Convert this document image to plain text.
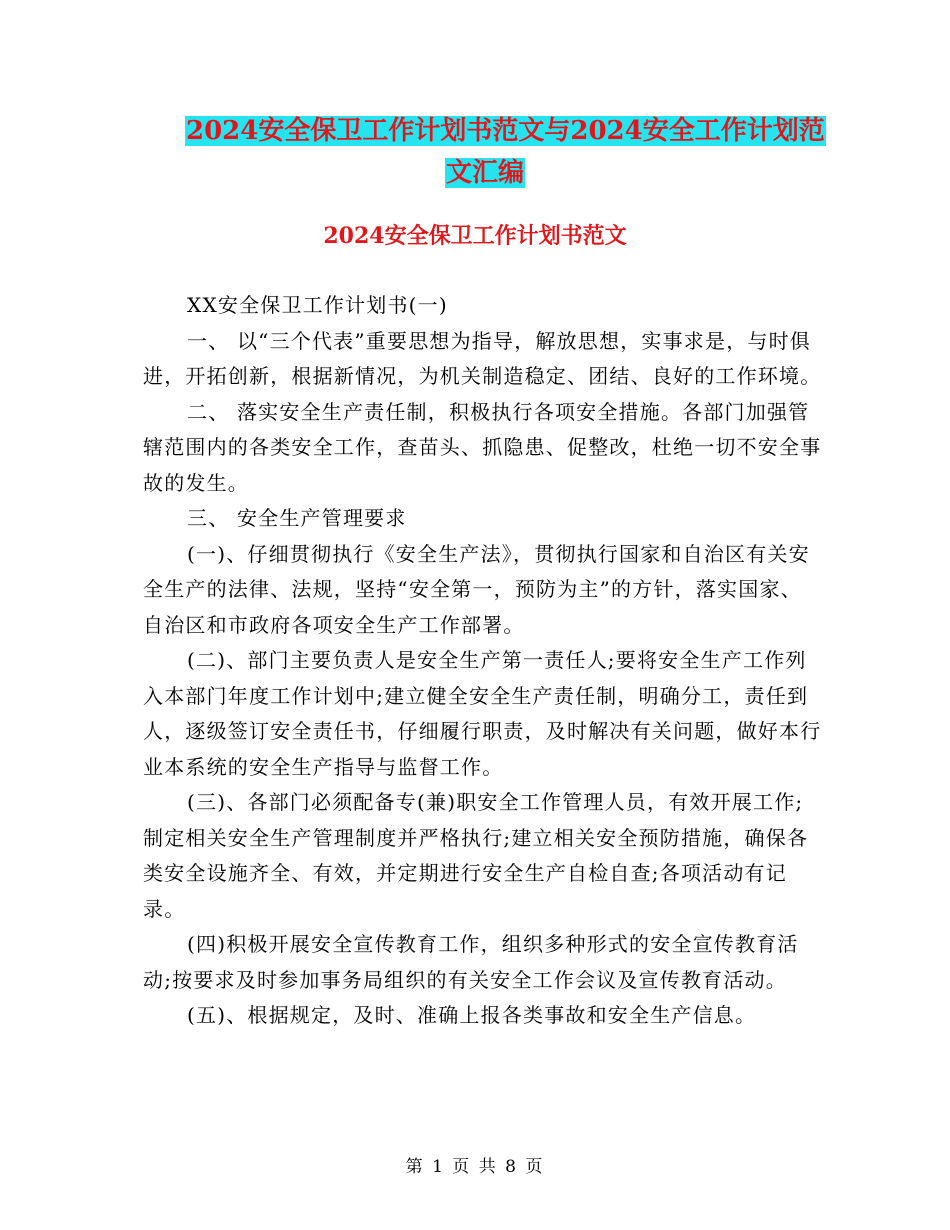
2024安全保卫工作计划书范文与2024安全工作计划范
文汇编
2024安全保卫工作计划书范文

XX安全保卫工作计划书(一)

一、 以“三个代表”重要思想为指导，解放思想，实事求是，与时俱进，开拓创新，根据新情况，为机关制造稳定、团结、良好的工作环境。

二、 落实安全生产责任制，积极执行各项安全措施。各部门加强管辖范围内的各类安全工作，查苗头、抓隐患、促整改，杜绝一切不安全事故的发生。

三、 安全生产管理要求

(一)、仔细贯彻执行《安全生产法》，贯彻执行国家和自治区有关安全生产的法律、法规，坚持“安全第一，预防为主”的方针，落实国家、自治区和市政府各项安全生产工作部署。

(二)、部门主要负责人是安全生产第一责任人;要将安全生产工作列入本部门年度工作计划中;建立健全安全生产责任制，明确分工，责任到人，逐级签订安全责任书，仔细履行职责，及时解决有关问题，做好本行业本系统的安全生产指导与监督工作。

(三)、各部门必须配备专(兼)职安全工作管理人员，有效开展工作;制定相关安全生产管理制度并严格执行;建立相关安全预防措施，确保各类安全设施齐全、有效，并定期进行安全生产自检自查;各项活动有记录。

(四)积极开展安全宣传教育工作，组织多种形式的安全宣传教育活动;按要求及时参加事务局组织的有关安全工作会议及宣传教育活动。

(五)、根据规定，及时、准确上报各类事故和安全生产信息。

第 1 页 共 8 页
